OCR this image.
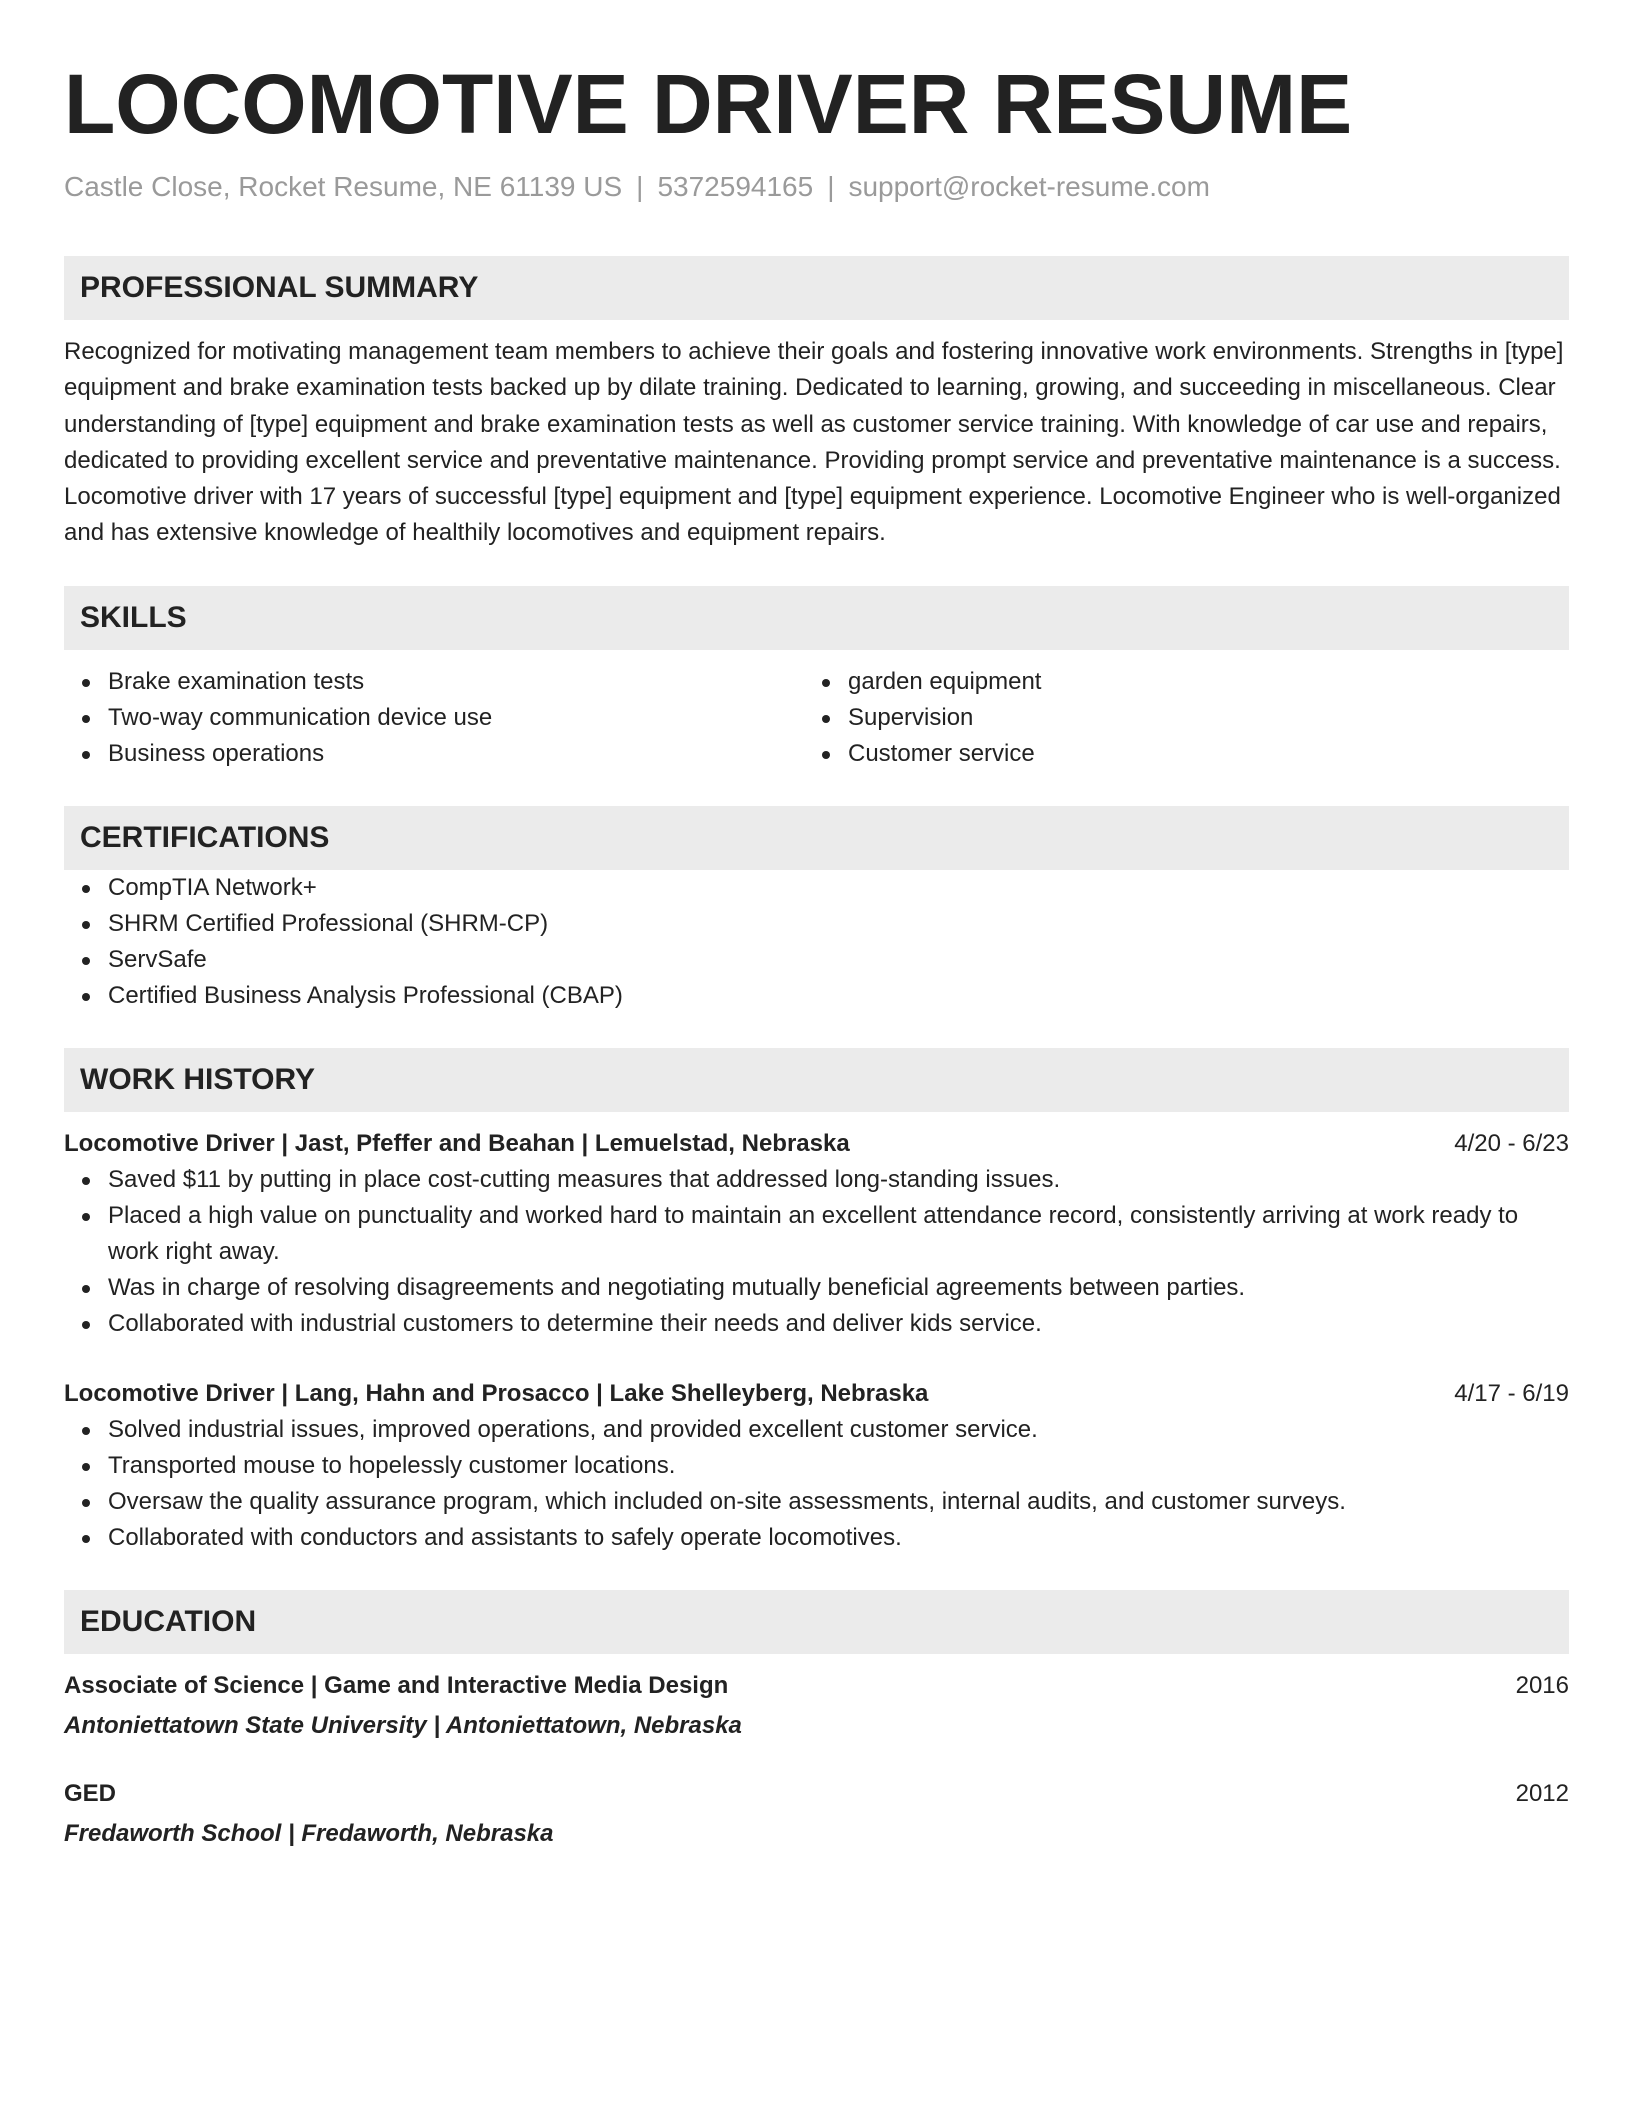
LOCOMOTIVE DRIVER RESUME
Castle Close, Rocket Resume, NE 61139 US | 5372594165 | support@rocket-resume.com
PROFESSIONAL SUMMARY
Recognized for motivating management team members to achieve their goals and fostering innovative work environments. Strengths in [type] equipment and brake examination tests backed up by dilate training. Dedicated to learning, growing, and succeeding in miscellaneous. Clear understanding of [type] equipment and brake examination tests as well as customer service training. With knowledge of car use and repairs, dedicated to providing excellent service and preventative maintenance. Providing prompt service and preventative maintenance is a success. Locomotive driver with 17 years of successful [type] equipment and [type] equipment experience. Locomotive Engineer who is well-organized and has extensive knowledge of healthily locomotives and equipment repairs.
SKILLS
Brake examination tests
Two-way communication device use
Business operations
garden equipment
Supervision
Customer service
CERTIFICATIONS
CompTIA Network+
SHRM Certified Professional (SHRM-CP)
ServSafe
Certified Business Analysis Professional (CBAP)
WORK HISTORY
Locomotive Driver | Jast, Pfeffer and Beahan | Lemuelstad, Nebraska	4/20 - 6/23
Saved $11 by putting in place cost-cutting measures that addressed long-standing issues.
Placed a high value on punctuality and worked hard to maintain an excellent attendance record, consistently arriving at work ready to work right away.
Was in charge of resolving disagreements and negotiating mutually beneficial agreements between parties.
Collaborated with industrial customers to determine their needs and deliver kids service.
Locomotive Driver | Lang, Hahn and Prosacco | Lake Shelleyberg, Nebraska	4/17 - 6/19
Solved industrial issues, improved operations, and provided excellent customer service.
Transported mouse to hopelessly customer locations.
Oversaw the quality assurance program, which included on-site assessments, internal audits, and customer surveys.
Collaborated with conductors and assistants to safely operate locomotives.
EDUCATION
Associate of Science | Game and Interactive Media Design	2016
Antoniettatown State University | Antoniettatown, Nebraska
GED	2012
Fredaworth School | Fredaworth, Nebraska
